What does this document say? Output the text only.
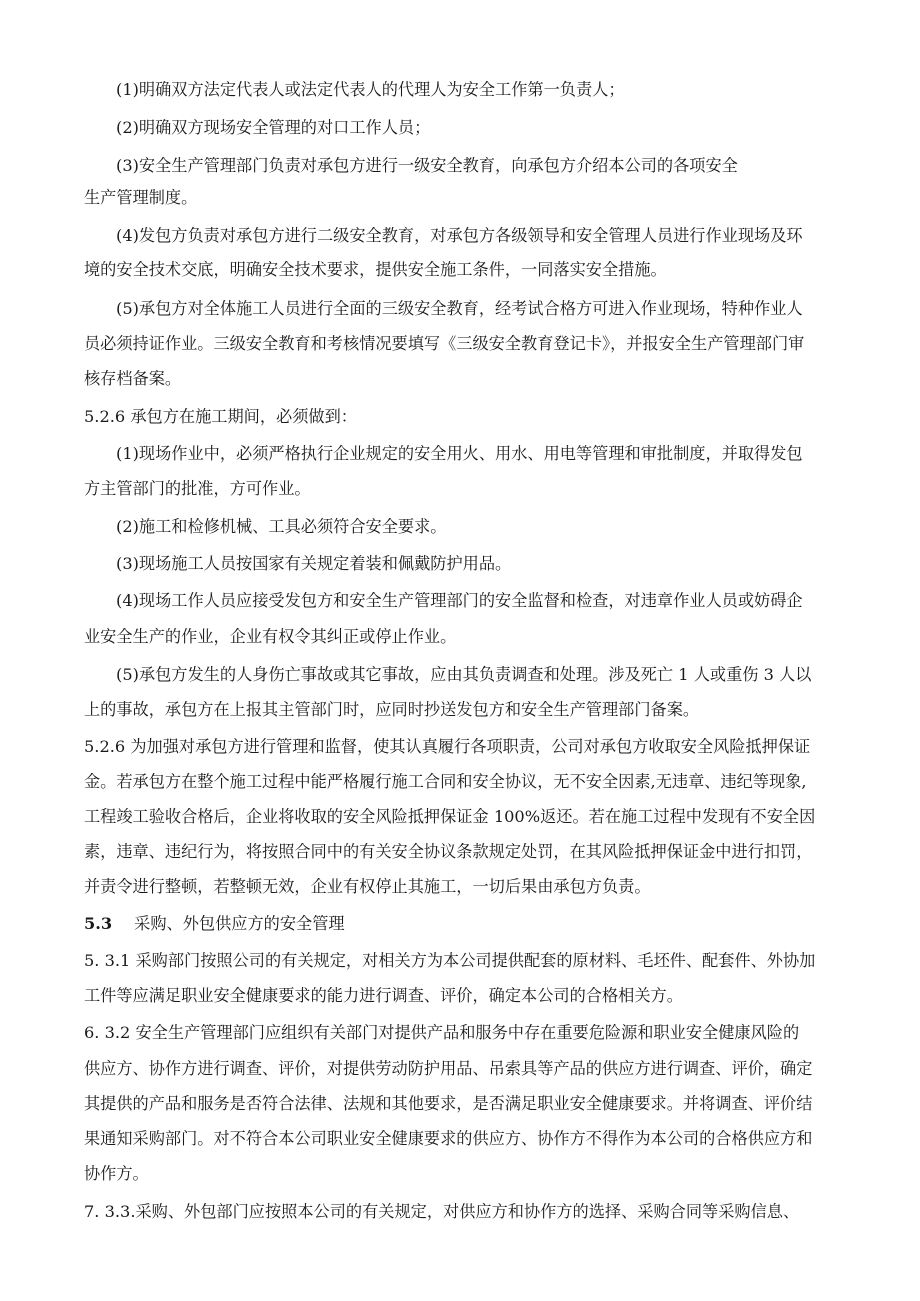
(1)明确双方法定代表人或法定代表人的代理人为安全工作第一负责人；
(2)明确双方现场安全管理的对口工作人员；
(3)安全生产管理部门负责对承包方进行一级安全教育，向承包方介绍本公司的各项安全
生产管理制度。
(4)发包方负责对承包方进行二级安全教育，对承包方各级领导和安全管理人员进行作业现场及环
境的安全技术交底，明确安全技术要求，提供安全施工条件，一同落实安全措施。
(5)承包方对全体施工人员进行全面的三级安全教育，经考试合格方可进入作业现场，特种作业人
员必须持证作业。三级安全教育和考核情况要填写《三级安全教育登记卡》，并报安全生产管理部门审
核存档备案。
5.2.6 承包方在施工期间，必须做到：
(1)现场作业中，必须严格执行企业规定的安全用火、用水、用电等管理和审批制度，并取得发包
方主管部门的批准，方可作业。
(2)施工和检修机械、工具必须符合安全要求。
(3)现场施工人员按国家有关规定着装和佩戴防护用品。
(4)现场工作人员应接受发包方和安全生产管理部门的安全监督和检查，对违章作业人员或妨碍企
业安全生产的作业，企业有权令其纠正或停止作业。
(5)承包方发生的人身伤亡事故或其它事故，应由其负责调查和处理。涉及死亡 1 人或重伤 3 人以
上的事故，承包方在上报其主管部门时，应同时抄送发包方和安全生产管理部门备案。
5.2.6 为加强对承包方进行管理和监督，使其认真履行各项职责，公司对承包方收取安全风险抵押保证
金。若承包方在整个施工过程中能严格履行施工合同和安全协议，无不安全因素,无违章、违纪等现象,
工程竣工验收合格后，企业将收取的安全风险抵押保证金 100%返还。若在施工过程中发现有不安全因
素，违章、违纪行为，将按照合同中的有关安全协议条款规定处罚，在其风险抵押保证金中进行扣罚，
并责令进行整顿，若整顿无效，企业有权停止其施工，一切后果由承包方负责。
5.3 采购、外包供应方的安全管理
5. 3.1 采购部门按照公司的有关规定，对相关方为本公司提供配套的原材料、毛坯件、配套件、外协加
工件等应满足职业安全健康要求的能力进行调查、评价，确定本公司的合格相关方。
6. 3.2 安全生产管理部门应组织有关部门对提供产品和服务中存在重要危险源和职业安全健康风险的
供应方、协作方进行调查、评价，对提供劳动防护用品、吊索具等产品的供应方进行调查、评价，确定
其提供的产品和服务是否符合法律、法规和其他要求，是否满足职业安全健康要求。并将调查、评价结
果通知采购部门。对不符合本公司职业安全健康要求的供应方、协作方不得作为本公司的合格供应方和
协作方。
7. 3.3.采购、外包部门应按照本公司的有关规定，对供应方和协作方的选择、采购合同等采购信息、
